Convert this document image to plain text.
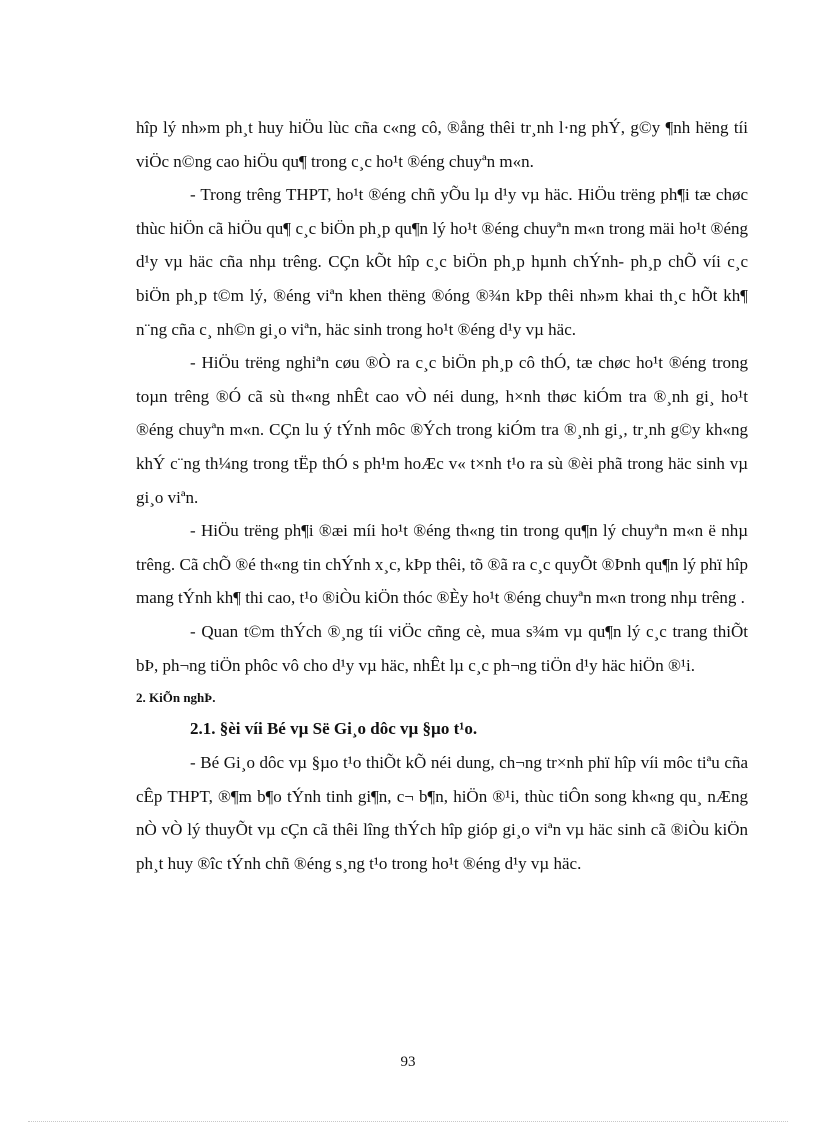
hîp lý nh»m ph¸t huy hiÖu lùc cña c«ng cô, ®ång thêi tr¸nh l·ng phÝ, g©y ¶nh hëng tíi viÖc n©ng cao hiÖu qu¶ trong c¸c ho¹t ®éng chuyªn m«n.

- Trong trêng THPT, ho¹t ®éng chñ yÕu lµ d¹y vµ häc. HiÖu trëng ph¶i tæ chøc thùc hiÖn cã hiÖu qu¶ c¸c biÖn ph¸p qu¶n lý ho¹t ®éng chuyªn m«n trong mäi ho¹t ®éng d¹y vµ häc cña nhµ trêng. CÇn kÕt hîp c¸c biÖn ph¸p hµnh chÝnh- ph¸p chÕ víi c¸c biÖn ph¸p t©m lý, ®éng viªn khen thëng ®óng ®¾n kÞp thêi nh»m khai th¸c hÕt kh¶ n¨ng cña c¸ nh©n gi¸o viªn, häc sinh trong ho¹t ®éng d¹y vµ häc.

- HiÖu trëng nghiªn cøu ®Ò ra c¸c biÖn ph¸p cô thÓ, tæ chøc ho¹t ®éng trong toµn trêng ®Ó cã sù th«ng nhÊt cao vÒ néi dung, h×nh thøc kiÓm tra ®¸nh gi¸ ho¹t ®éng chuyªn m«n. CÇn lu ý tÝnh môc ®Ých trong kiÓm tra ®¸nh gi¸, tr¸nh g©y kh«ng khÝ c¨ng th¼ng trong tËp thÓ s ph¹m hoÆc v« t×nh t¹o ra sù ®èi phã trong häc sinh vµ gi¸o viªn.

- HiÖu trëng ph¶i ®æi míi ho¹t ®éng th«ng tin trong qu¶n lý chuyªn m«n ë nhµ trêng. Cã chÕ ®é th«ng tin chÝnh x¸c, kÞp thêi, tõ ®ã ra c¸c quyÕt ®Þnh qu¶n lý phï hîp mang tÝnh kh¶ thi cao, t¹o ®iÒu kiÖn thóc ®Èy ho¹t ®éng chuyªn m«n trong nhµ trêng .

- Quan t©m thÝch ®¸ng tíi viÖc cñng cè, mua s¾m vµ qu¶n lý c¸c trang thiÕt bÞ, ph¬ng tiÖn phôc vô cho d¹y vµ häc, nhÊt lµ c¸c ph¬ng tiÖn d¹y häc hiÖn ®¹i.

2. KiÕn nghÞ.

2.1. §èi víi Bé vµ Së Gi¸o dôc vµ §µo t¹o.

- Bé Gi¸o dôc vµ §µo t¹o thiÕt kÕ néi dung, ch¬ng tr×nh phï hîp víi môc tiªu cña cÊp THPT, ®¶m b¶o tÝnh tinh gi¶n, c¬ b¶n, hiÖn ®¹i, thùc tiÔn song kh«ng qu¸ nÆng nÒ vÒ lý thuyÕt vµ cÇn cã thêi lîng thÝch hîp gióp gi¸o viªn vµ häc sinh cã ®iÒu kiÖn ph¸t huy ®îc tÝnh chñ ®éng s¸ng t¹o trong ho¹t ®éng d¹y vµ häc.

93
